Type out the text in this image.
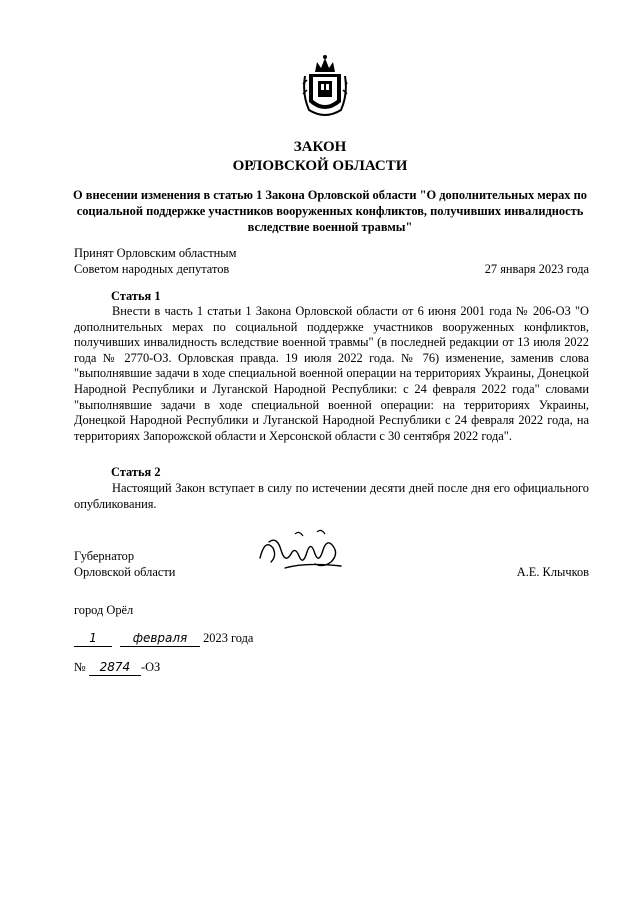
ЗАКОН
ОРЛОВСКОЙ ОБЛАСТИ
О внесении изменения в статью 1 Закона Орловской области "О дополнительных мерах по социальной поддержке участников вооруженных конфликтов, получивших инвалидность вследствие военной травмы"
Принят Орловским областным
Советом народных депутатов	27 января 2023 года
Статья 1
Внести в часть 1 статьи 1 Закона Орловской области от 6 июня 2001 года № 206-ОЗ "О дополнительных мерах по социальной поддержке участников вооруженных конфликтов, получивших инвалидность вследствие военной травмы" (в последней редакции от 13 июля 2022 года № 2770-ОЗ. Орловская правда. 19 июля 2022 года. № 76) изменение, заменив слова "выполнявшие задачи в ходе специальной военной операции на территориях Украины, Донецкой Народной Республики и Луганской Народной Республики: с 24 февраля 2022 года" словами "выполнявшие задачи в ходе специальной военной операции: на территориях Украины, Донецкой Народной Республики и Луганской Народной Республики с 24 февраля 2022 года, на территориях Запорожской области и Херсонской области с 30 сентября 2022 года".
Статья 2
Настоящий Закон вступает в силу по истечении десяти дней после дня его официального опубликования.
Губернатор
Орловской области	А.Е. Клычков
город Орёл
1	февраля 2023 года
№ 2874 -ОЗ
